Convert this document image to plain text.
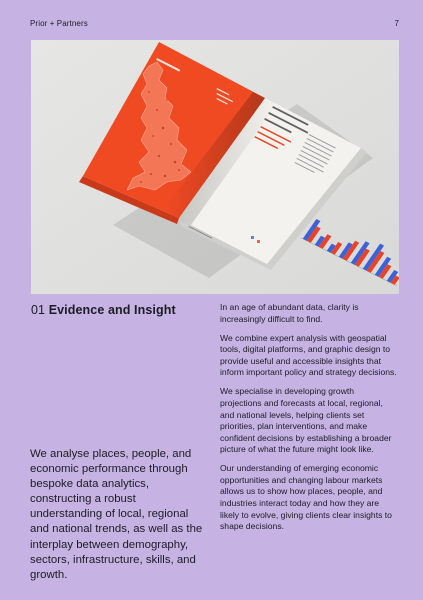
Prior + Partners	7
01 Evidence and Insight
We analyse places, people, and economic performance through bespoke data analytics, constructing a robust understanding of local, regional and national trends, as well as the interplay between demography, sectors, infrastructure, skills, and growth.

In an age of abundant data, clarity is increasingly difficult to find.

We combine expert analysis with geospatial tools, digital platforms, and graphic design to provide useful and accessible insights that inform important policy and strategy decisions.

We specialise in developing growth projections and forecasts at local, regional, and national levels, helping clients set priorities, plan interventions, and make confident decisions by establishing a broader picture of what the future might look like.

Our understanding of emerging economic opportunities and changing labour markets allows us to show how places, people, and industries interact today and how they are likely to evolve, giving clients clear insights to shape decisions.
